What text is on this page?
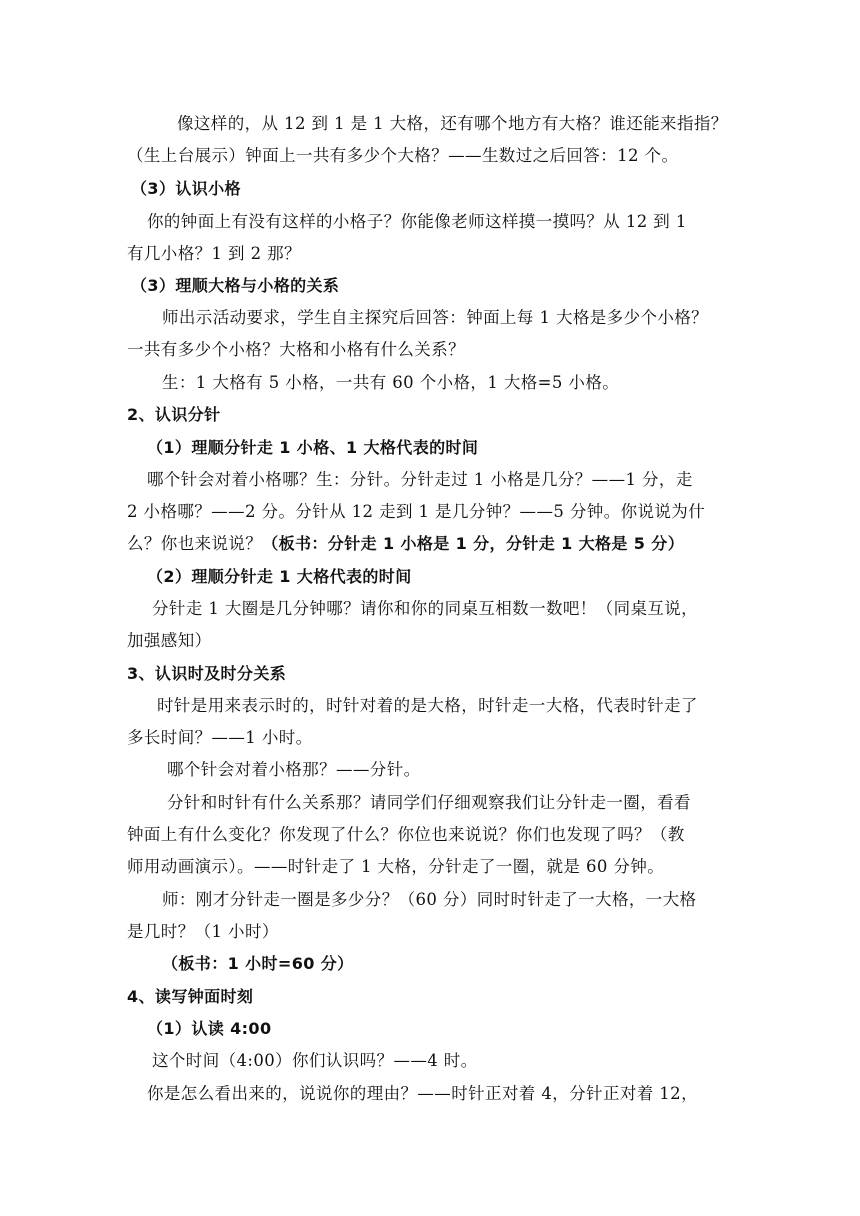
像这样的，从 12 到 1 是 1 大格，还有哪个地方有大格？谁还能来指指？
（生上台展示）钟面上一共有多少个大格？——生数过之后回答：12 个。
（3）认识小格
你的钟面上有没有这样的小格子？你能像老师这样摸一摸吗？从 12 到 1
有几小格？1 到 2 那？
（3）理顺大格与小格的关系
师出示活动要求，学生自主探究后回答：钟面上每 1 大格是多少个小格？
一共有多少个小格？大格和小格有什么关系？
生：1 大格有 5 小格，一共有 60 个小格，1 大格=5 小格。
2、认识分针
（1）理顺分针走 1 小格、1 大格代表的时间
哪个针会对着小格哪？生：分针。分针走过 1 小格是几分？——1 分，走
2 小格哪？——2 分。分针从 12 走到 1 是几分钟？——5 分钟。你说说为什
么？你也来说说？（板书：分针走 1 小格是 1 分，分针走 1 大格是 5 分）
（2）理顺分针走 1 大格代表的时间
分针走 1 大圈是几分钟哪？请你和你的同桌互相数一数吧！（同桌互说，
加强感知）
3、认识时及时分关系
时针是用来表示时的，时针对着的是大格，时针走一大格，代表时针走了
多长时间？——1 小时。
哪个针会对着小格那？——分针。
分针和时针有什么关系那？请同学们仔细观察我们让分针走一圈，看看
钟面上有什么变化？你发现了什么？你位也来说说？你们也发现了吗？（教
师用动画演示）。——时针走了 1 大格，分针走了一圈，就是 60 分钟。
师：刚才分针走一圈是多少分？（60 分）同时时针走了一大格，一大格
是几时？（1 小时）
（板书：1 小时=60 分）
4、读写钟面时刻
（1）认读 4:00
这个时间（4:00）你们认识吗？——4 时。
你是怎么看出来的，说说你的理由？——时针正对着 4，分针正对着 12，
